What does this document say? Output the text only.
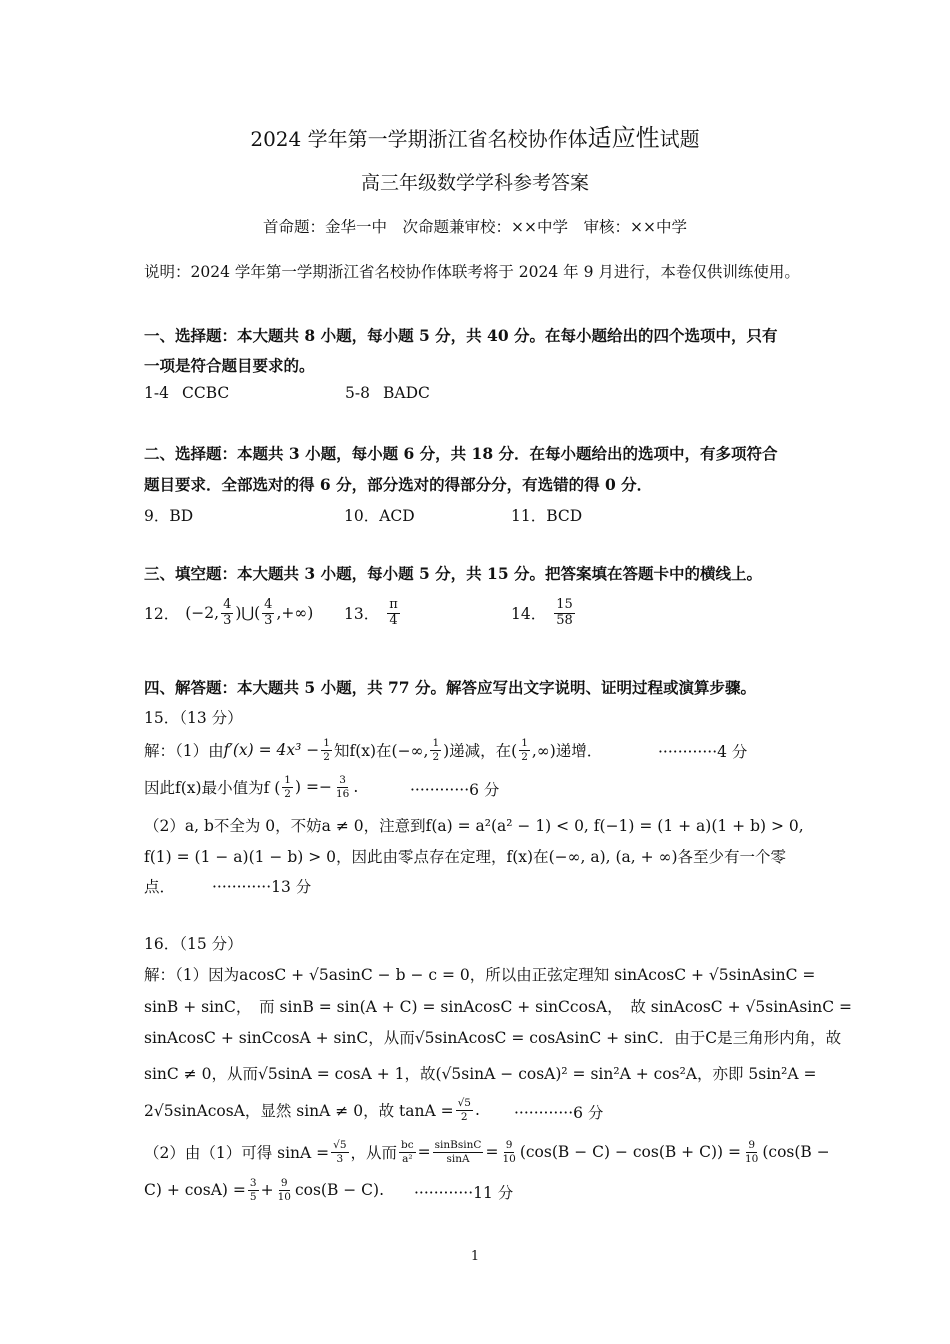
2024 学年第一学期浙江省名校协作体适应性试题
高三年级数学学科参考答案
首命题：金华一中　次命题兼审校：××中学　审核：××中学
说明：2024 学年第一学期浙江省名校协作体联考将于 2024 年 9 月进行，本卷仅供训练使用。
一、选择题：本大题共 8 小题，每小题 5 分，共 40 分。在每小题给出的四个选项中，只有
一项是符合题目要求的。
1-4 CCBC	5-8 BADC
二、选择题：本题共 3 小题，每小题 6 分，共 18 分．在每小题给出的选项中，有多项符合
题目要求．全部选对的得 6 分，部分选对的得部分分，有选错的得 0 分．
9．BD	10．ACD	11．BCD
三、填空题：本大题共 3 小题，每小题 5 分，共 15 分。把答案填在答题卡中的横线上。
12． (−2, $\frac{4}{3}$ )⋃( $\frac{4}{3}$ ,+∞) 13． $\frac{\pi}{4}$	14． $\frac{15}{58}$
四、解答题：本大题共 5 小题，共 77 分。解答应写出文字说明、证明过程或演算步骤。
15．（13 分）
解：（1）由 $f'(x) = 4x^3 - \frac{1}{2}$ 知f(x)在(−∞, $\frac{1}{2}$ )递减，在( $\frac{1}{2}$ ,∞)递增．	············4 分
因此f(x)最小值为f ( $\frac{1}{2}$ ) =− $\frac{3}{16}$ .	············6 分
（2）a, b不全为 0，不妨a ≠ 0，注意到f(a) = a²(a² − 1) < 0, f(−1) = (1 + a)(1 + b) > 0,
f(1) = (1 − a)(1 − b) > 0，因此由零点存在定理，f(x)在(−∞, a), (a, + ∞)各至少有一个零
点． ············13 分
16．（15 分）
解：（1）因为acosC + √5asinC − b − c = 0，所以由正弦定理知 sinAcosC + √5sinAsinC =
sinB + sinC，　而 sinB = sin(A + C) = sinAcosC + sinCcosA，　故 sinAcosC + √5sinAsinC =
sinAcosC + sinCcosA + sinC，从而√5sinAcosC = cosAsinC + sinC．由于C是三角形内角，故
sinC ≠ 0，从而√5sinA = cosA + 1，故(√5sinA − cosA)² = sin²A + cos²A，亦即 5sin²A =
2√5sinAcosA，显然 sinA ≠ 0，故 $\tan A = \frac{√5}{2}$ . ············6 分
（2）由（1）可得 $\sin A = \frac{√5}{3}$ ，从而 $\frac{bc}{\text{a²}} = \frac{\text{sinBsinC}}{\sin A} = \frac{9}{10} (\cos(B - C) - \cos(B + C)) = \frac{9}{10} (\cos(B$ −
$C) + \cos A) = \frac{3}{5} + \frac{9}{10} \cos(B - C)$. ············11 分
1
